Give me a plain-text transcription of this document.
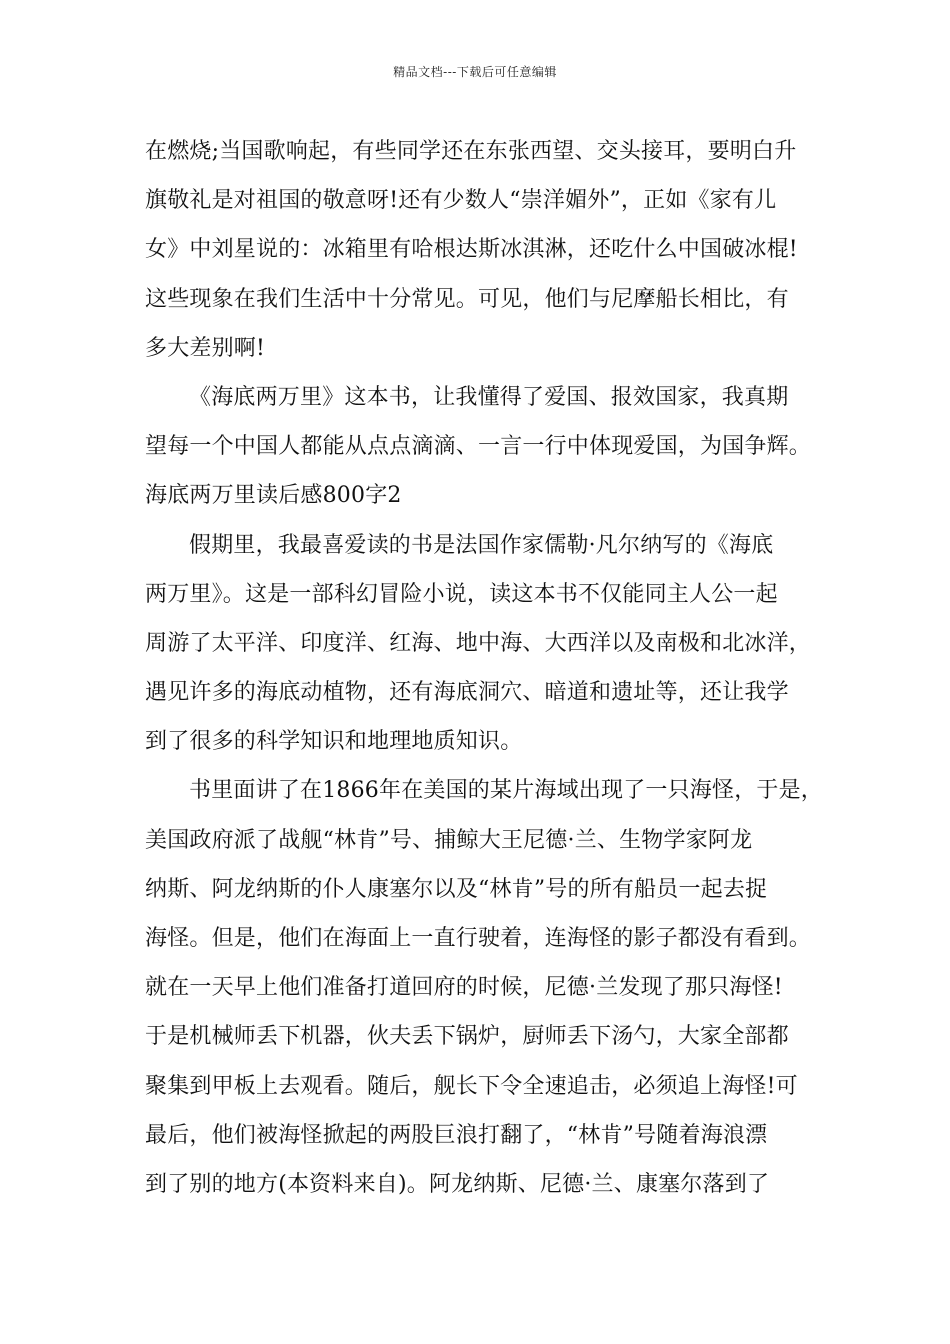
精品文档---下载后可任意编辑
在燃烧;当国歌响起，有些同学还在东张西望、交头接耳，要明白升
旗敬礼是对祖国的敬意呀!还有少数人“崇洋媚外”，正如《家有儿
女》中刘星说的：冰箱里有哈根达斯冰淇淋，还吃什么中国破冰棍!
这些现象在我们生活中十分常见。可见，他们与尼摩船长相比，有
多大差别啊!
《海底两万里》这本书，让我懂得了爱国、报效国家，我真期
望每一个中国人都能从点点滴滴、一言一行中体现爱国，为国争辉。
海底两万里读后感800字2
假期里，我最喜爱读的书是法国作家儒勒·凡尔纳写的《海底
两万里》。这是一部科幻冒险小说，读这本书不仅能同主人公一起
周游了太平洋、印度洋、红海、地中海、大西洋以及南极和北冰洋，
遇见许多的海底动植物，还有海底洞穴、暗道和遗址等，还让我学
到了很多的科学知识和地理地质知识。
书里面讲了在1866年在美国的某片海域出现了一只海怪，于是，
美国政府派了战舰“林肯”号、捕鲸大王尼德·兰、生物学家阿龙
纳斯、阿龙纳斯的仆人康塞尔以及“林肯”号的所有船员一起去捉
海怪。但是，他们在海面上一直行驶着，连海怪的影子都没有看到。
就在一天早上他们准备打道回府的时候，尼德·兰发现了那只海怪!
于是机械师丢下机器，伙夫丢下锅炉，厨师丢下汤勺，大家全部都
聚集到甲板上去观看。随后，舰长下令全速追击，必须追上海怪!可
最后，他们被海怪掀起的两股巨浪打翻了，“林肯”号随着海浪漂
到了别的地方(本资料来自)。阿龙纳斯、尼德·兰、康塞尔落到了
